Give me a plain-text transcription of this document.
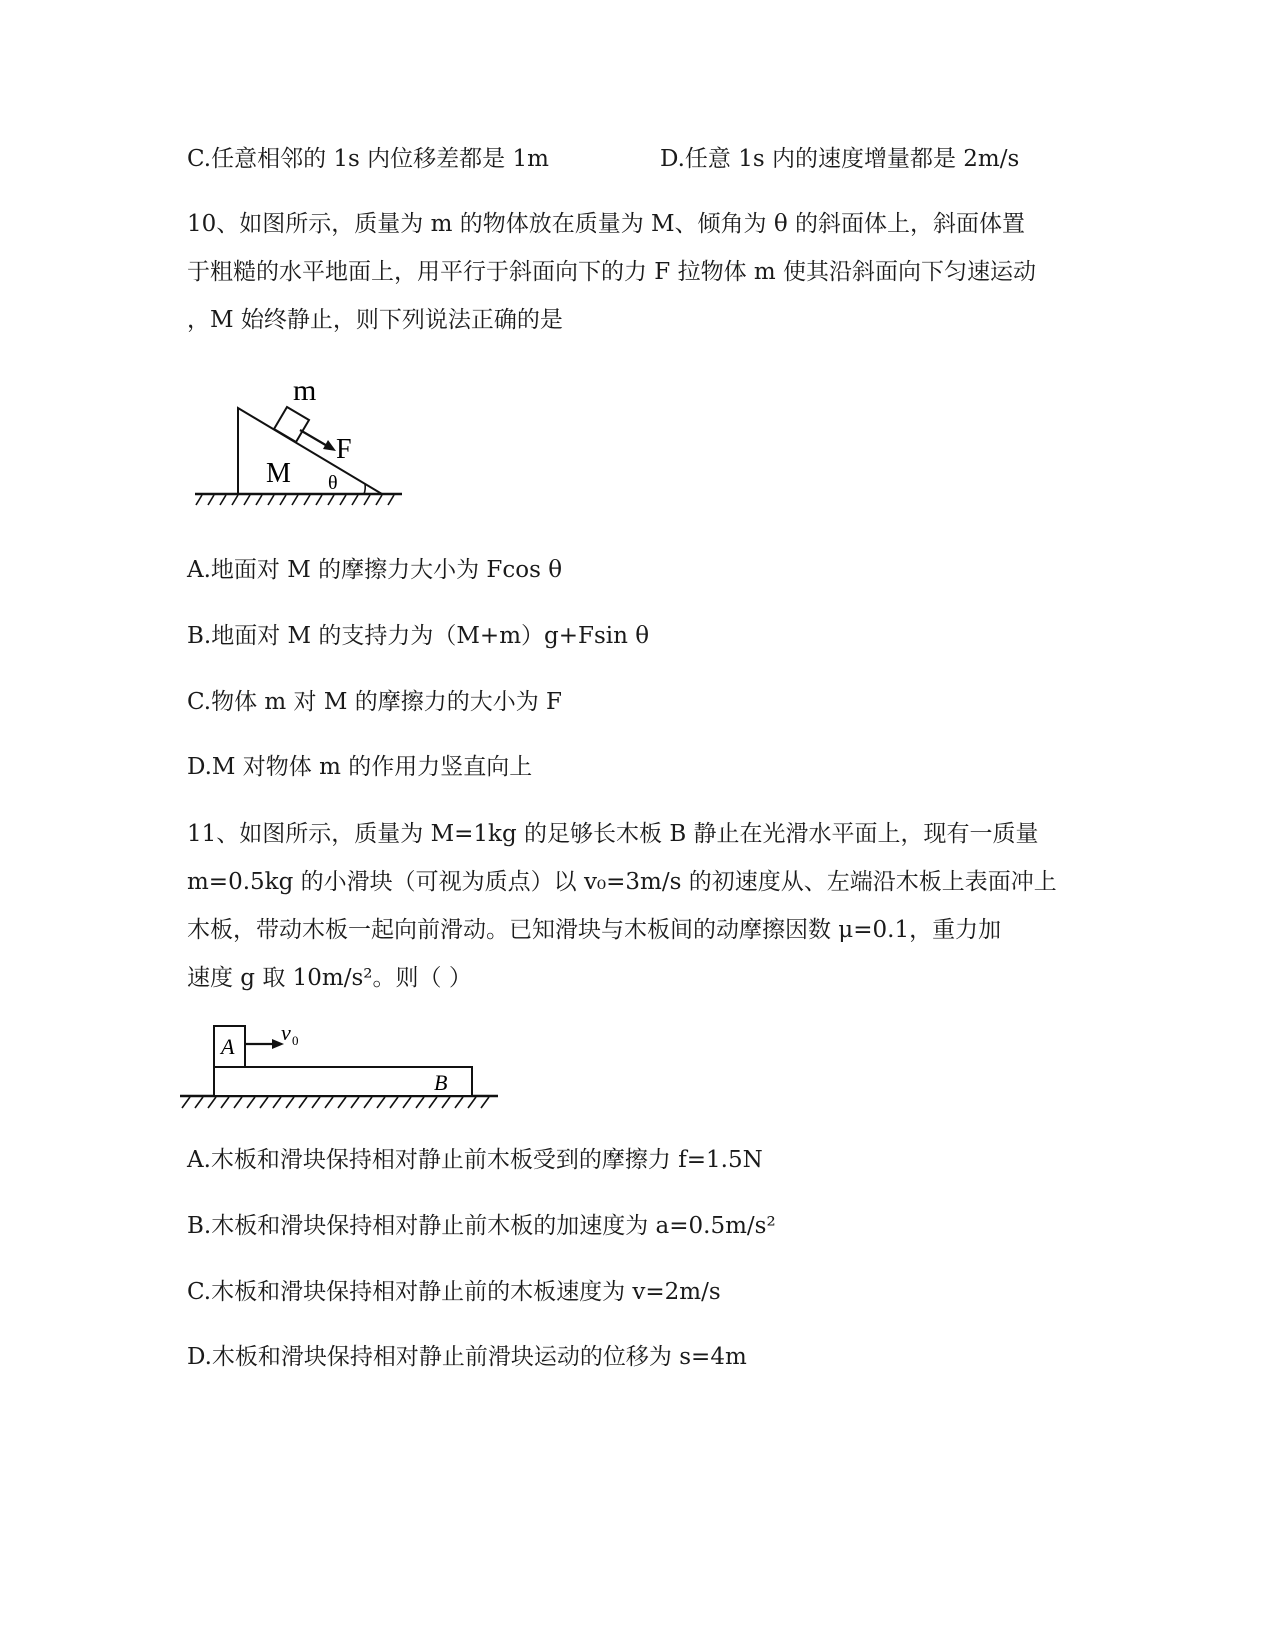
C.任意相邻的 1s 内位移差都是 1m	D.任意 1s 内的速度增量都是 2m/s
10、如图所示，质量为 m 的物体放在质量为 M、倾角为 θ 的斜面体上，斜面体置
于粗糙的水平地面上，用平行于斜面向下的力 F 拉物体 m 使其沿斜面向下匀速运动
，M 始终静止，则下列说法正确的是
m
F
M θ
A.地面对 M 的摩擦力大小为 Fcos θ
B.地面对 M 的支持力为（M+m）g+Fsin θ
C.物体 m 对 M 的摩擦力的大小为 F
D.M 对物体 m 的作用力竖直向上
11、如图所示，质量为 M=1kg 的足够长木板 B 静止在光滑水平面上，现有一质量
m=0.5kg 的小滑块（可视为质点）以 v₀=3m/s 的初速度从、左端沿木板上表面冲上
木板，带动木板一起向前滑动。已知滑块与木板间的动摩擦因数 μ=0.1，重力加
速度 g 取 10m/s²。则（ ）
A
B
v 0
A.木板和滑块保持相对静止前木板受到的摩擦力 f=1.5N
B.木板和滑块保持相对静止前木板的加速度为 a=0.5m/s²
C.木板和滑块保持相对静止前的木板速度为 v=2m/s
D.木板和滑块保持相对静止前滑块运动的位移为 s=4m
